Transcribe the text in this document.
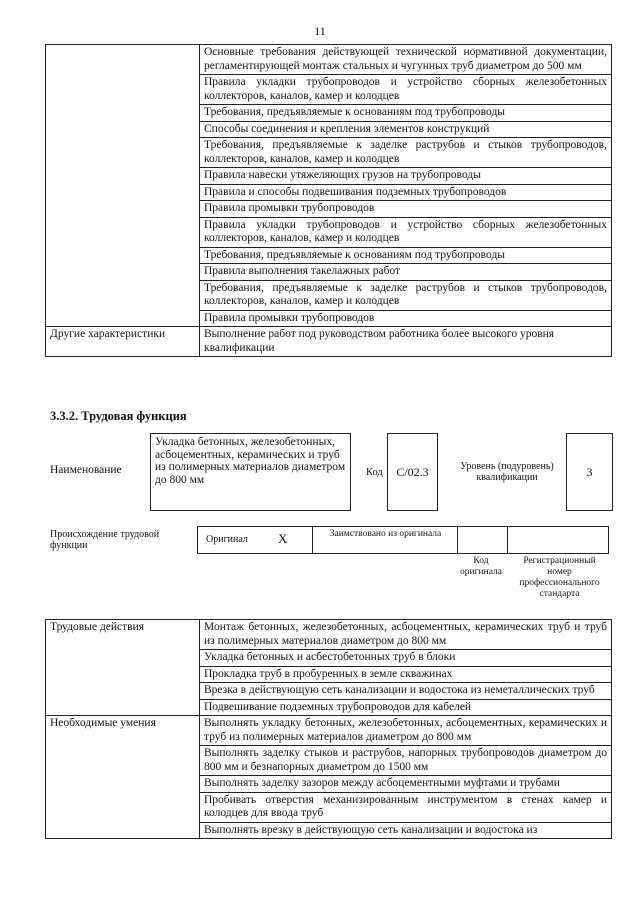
11
	Основные требования действующей технической нормативной документации, регламентирующей монтаж стальных и чугунных труб диаметром до 500 мм
	Правила укладки трубопроводов и устройство сборных железобетонных коллекторов, каналов, камер и колодцев
	Требования, предъявляемые к основаниям под трубопроводы
	Способы соединения и крепления элементов конструкций
	Требования, предъявляемые к заделке раструбов и стыков трубопроводов, коллекторов, каналов, камер и колодцев
	Правила навески утяжеляющих грузов на трубопроводы
	Правила и способы подвешивания подземных трубопроводов
	Правила промывки трубопроводов
	Правила укладки трубопроводов и устройство сборных железобетонных коллекторов, каналов, камер и колодцев
	Требования, предъявляемые к основаниям под трубопроводы
	Правила выполнения такелажных работ
	Требования, предъявляемые к заделке раструбов и стыков трубопроводов, коллекторов, каналов, камер и колодцев
	Правила промывки трубопроводов
Другие характеристики	Выполнение работ под руководством работника более высокого уровня квалификации
3.3.2. Трудовая функция
Наименование
Укладка бетонных, железобетонных, асбоцементных, керамических и труб из полимерных материалов диаметром до 800 мм
Код С/02.3	Уровень (подуровень) квалификации	3
Происхождение трудовой функции
Оригинал X	Заимствовано из оригинала
Код оригинала
Регистрационный номер профессионального стандарта
Трудовые действия	Монтаж бетонных, железобетонных, асбоцементных, керамических труб и труб из полимерных материалов диаметром до 800 мм
	Укладка бетонных и асбестобетонных труб в блоки
	Прокладка труб в пробуренных в земле скважинах
	Врезка в действующую сеть канализации и водостока из неметаллических труб
	Подвешивание подземных трубопроводов для кабелей
Необходимые умения	Выполнять укладку бетонных, железобетонных, асбоцементных, керамических и труб из полимерных материалов диаметром до 800 мм
	Выполнять заделку стыков и раструбов, напорных трубопроводов диаметром до 800 мм и безнапорных диаметром до 1500 мм
	Выполнять заделку зазоров между асбоцементными муфтами и трубами
	Пробивать отверстия механизированным инструментом в стенах камер и колодцев для ввода труб
	Выполнять врезку в действующую сеть канализации и водостока из
